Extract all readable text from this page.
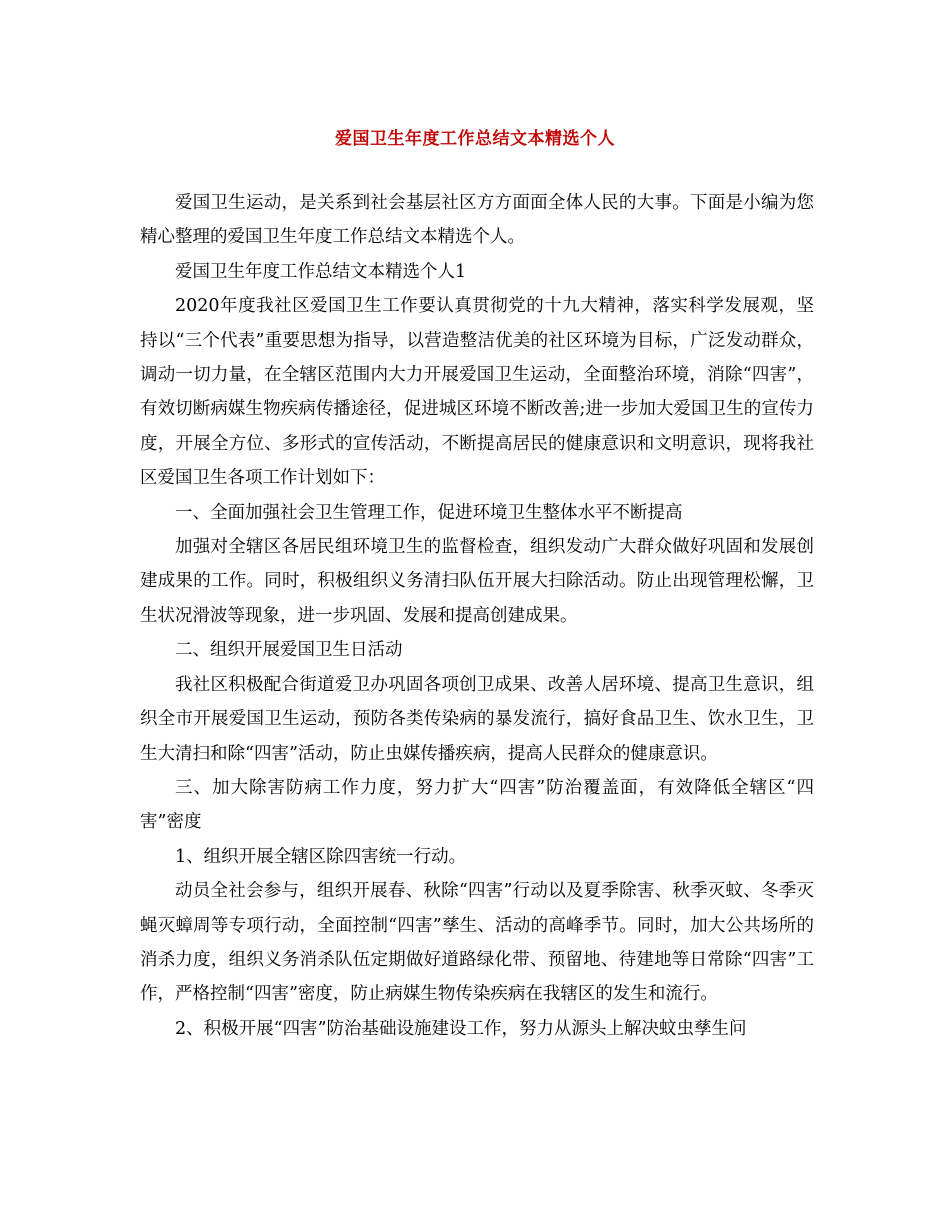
爱国卫生年度工作总结文本精选个人

爱国卫生运动，是关系到社会基层社区方方面面全体人民的大事。下面是小编为您精心整理的爱国卫生年度工作总结文本精选个人。

爱国卫生年度工作总结文本精选个人1

2020年度我社区爱国卫生工作要认真贯彻党的十九大精神，落实科学发展观，坚持以“三个代表”重要思想为指导，以营造整洁优美的社区环境为目标，广泛发动群众，调动一切力量，在全辖区范围内大力开展爱国卫生运动，全面整治环境，消除“四害”，有效切断病媒生物疾病传播途径，促进城区环境不断改善;进一步加大爱国卫生的宣传力度，开展全方位、多形式的宣传活动，不断提高居民的健康意识和文明意识，现将我社区爱国卫生各项工作计划如下：

一、全面加强社会卫生管理工作，促进环境卫生整体水平不断提高

加强对全辖区各居民组环境卫生的监督检查，组织发动广大群众做好巩固和发展创建成果的工作。同时，积极组织义务清扫队伍开展大扫除活动。防止出现管理松懈，卫生状况滑波等现象，进一步巩固、发展和提高创建成果。

二、组织开展爱国卫生日活动

我社区积极配合街道爱卫办巩固各项创卫成果、改善人居环境、提高卫生意识，组织全市开展爱国卫生运动，预防各类传染病的暴发流行，搞好食品卫生、饮水卫生，卫生大清扫和除“四害”活动，防止虫媒传播疾病，提高人民群众的健康意识。

三、加大除害防病工作力度，努力扩大“四害”防治覆盖面，有效降低全辖区“四害”密度

1、组织开展全辖区除四害统一行动。

动员全社会参与，组织开展春、秋除“四害”行动以及夏季除害、秋季灭蚊、冬季灭蝇灭蟑周等专项行动，全面控制“四害”孳生、活动的高峰季节。同时，加大公共场所的消杀力度，组织义务消杀队伍定期做好道路绿化带、预留地、待建地等日常除“四害”工作，严格控制“四害”密度，防止病媒生物传染疾病在我辖区的发生和流行。

2、积极开展“四害”防治基础设施建设工作，努力从源头上解决蚊虫孳生问
